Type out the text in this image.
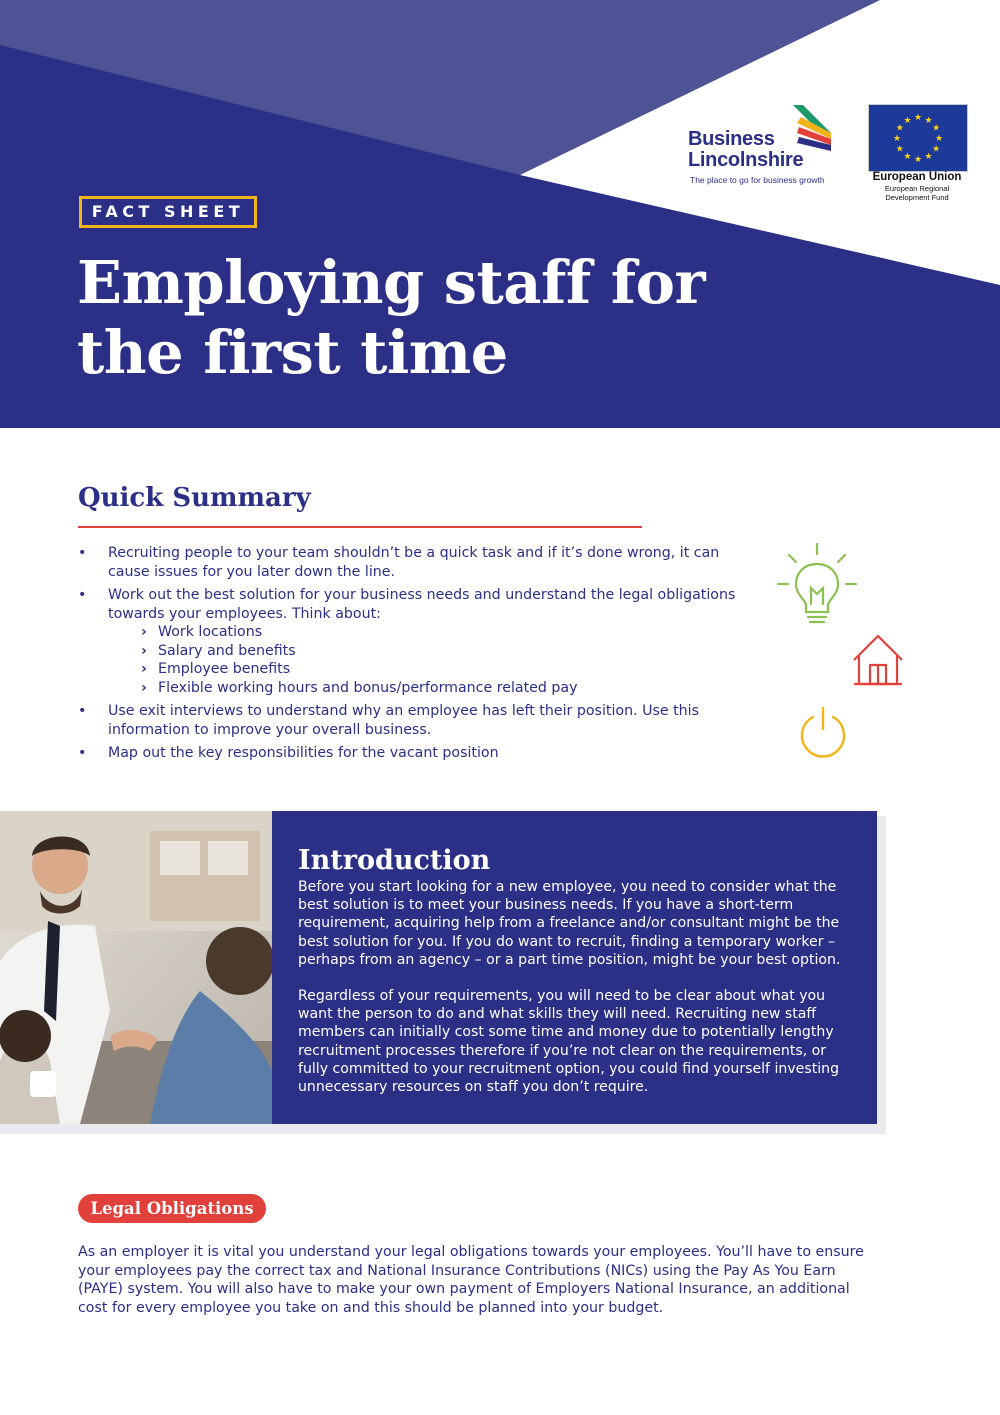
Business
Lincolnshire
The place to go for business growth
★ ★
★
★
★
★
★
★
★
★
★
★
European Union
European Regional
Development Fund
FACT SHEET
Employing staff for
the first time
Quick Summary
• Recruiting people to your team shouldn’t be a quick task and if it’s done wrong, it can cause issues for you later down the line.
• Work out the best solution for your business needs and understand the legal obligations towards your employees. Think about:
› Work locations
› Salary and benefits
› Employee benefits
› Flexible working hours and bonus/performance related pay
• Use exit interviews to understand why an employee has left their position. Use this information to improve your overall business.
• Map out the key responsibilities for the vacant position
Introduction

Before you start looking for a new employee, you need to consider what the best solution is to meet your business needs. If you have a short-term requirement, acquiring help from a freelance and/or consultant might be the best solution for you. If you do want to recruit, finding a temporary worker – perhaps from an agency – or a part time position, might be your best option.

Regardless of your requirements, you will need to be clear about what you want the person to do and what skills they will need. Recruiting new staff members can initially cost some time and money due to potentially lengthy recruitment processes therefore if you’re not clear on the requirements, or fully committed to your recruitment option, you could find yourself investing unnecessary resources on staff you don’t require.

Legal Obligations

As an employer it is vital you understand your legal obligations towards your employees. You’ll have to ensure your employees pay the correct tax and National Insurance Contributions (NICs) using the Pay As You Earn (PAYE) system. You will also have to make your own payment of Employers National Insurance, an additional cost for every employee you take on and this should be planned into your budget.
